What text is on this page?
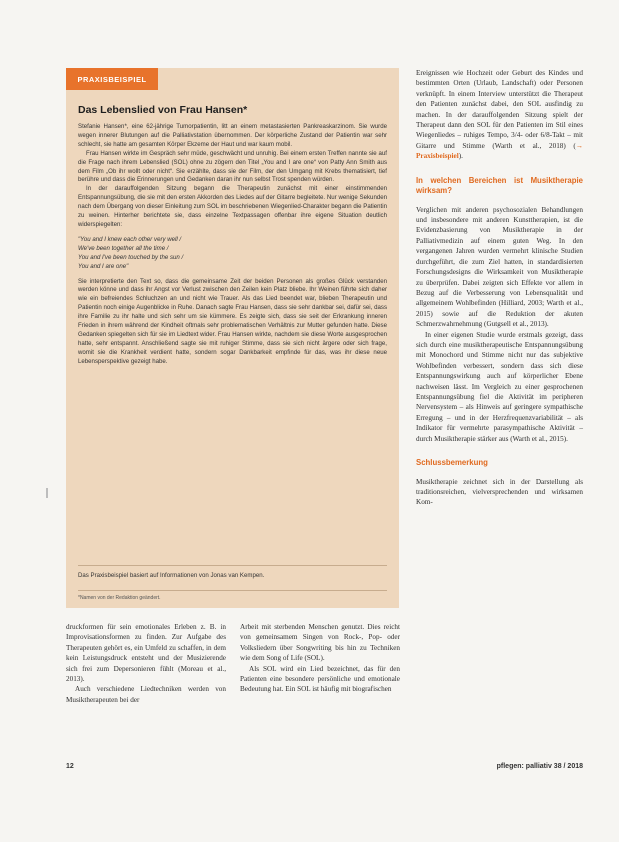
PRAXISBEISPIEL
Das Lebenslied von Frau Hansen*

Stefanie Hansen*, eine 62-jährige Tumorpatientin, litt an einem metastasierten Pankreaskarzinom. Sie wurde wegen innerer Blutungen auf die Palliativstation übernommen. Der körperliche Zustand der Patientin war sehr schlecht, sie hatte am gesamten Körper Ekzeme der Haut und war kaum mobil.

Frau Hansen wirkte im Gespräch sehr müde, geschwächt und unruhig. Bei einem ersten Treffen nannte sie auf die Frage nach ihrem Lebenslied (SOL) ohne zu zögern den Titel „You and I are one“ von Patty Ann Smith aus dem Film „Ob ihr wollt oder nicht“. Sie erzählte, dass sie der Film, der den Umgang mit Krebs thematisiert, tief berühre und dass die Erinnerungen und Gedanken daran ihr nun selbst Trost spenden würden.

In der darauffolgenden Sitzung begann die Therapeutin zunächst mit einer einstimmenden Entspannungsübung, die sie mit den ersten Akkorden des Liedes auf der Gitarre begleitete. Nur wenige Sekunden nach dem Übergang von dieser Einleitung zum SOL im beschriebenen Wiegenlied-Charakter begann die Patientin zu weinen. Hinterher berichtete sie, dass einzelne Textpassagen offenbar ihre eigene Situation deutlich widerspiegelten:

"You and I knew each other very well /
We've been together all the time /
You and I've been touched by the sun /
You and I are one"

Sie interpretierte den Text so, dass die gemeinsame Zeit der beiden Personen als großes Glück verstanden werden könne und dass ihr Angst vor Verlust zwischen den Zeilen kein Platz bliebe. Ihr Weinen führte sich daher wie ein befreiendes Schluchzen an und nicht wie Trauer. Als das Lied beendet war, blieben Therapeutin und Patientin noch einige Augenblicke in Ruhe. Danach sagte Frau Hansen, dass sie sehr dankbar sei, dafür sei, dass ihre Familie zu ihr halte und sich sehr um sie kümmere. Es zeigte sich, dass sie seit der Erkrankung inneren Frieden in ihrem während der Kindheit oftmals sehr problematischen Verhältnis zur Mutter gefunden hatte. Diese Gedanken spiegelten sich für sie im Liedtext wider. Frau Hansen wirkte, nachdem sie diese Worte ausgesprochen hatte, sehr entspannt. Anschließend sagte sie mit ruhiger Stimme, dass sie sich nicht ärgere oder sich frage, womit sie die Krankheit verdient hatte, sondern sogar Dankbarkeit empfinde für das, was ihr diese neue Lebensperspektive gezeigt habe.

Das Praxisbeispiel basiert auf Informationen von Jonas van Kempen.
*Namen von der Redaktion geändert.

druckformen für sein emotionales Erleben z. B. in Improvisationsformen zu finden. Zur Aufgabe des Therapeuten gehört es, ein Umfeld zu schaffen, in dem kein Leistungsdruck entsteht und der Musizierende sich frei zum Depersonieren fühlt (Moreau et al., 2013).

Auch verschiedene Liedtechniken werden von Musiktherapeuten bei der

Arbeit mit sterbenden Menschen genutzt. Dies reicht von gemeinsamem Singen von Rock-, Pop- oder Volksliedern über Songwriting bis hin zu Techniken wie dem Song of Life (SOL).

Als SOL wird ein Lied bezeichnet, das für den Patienten eine besondere persönliche und emotionale Bedeutung hat. Ein SOL ist häufig mit biografischen

Ereignissen wie Hochzeit oder Geburt des Kindes und bestimmten Orten (Urlaub, Landschaft) oder Personen verknüpft. In einem Interview unterstützt die Therapeut den Patienten zunächst dabei, den SOL ausfindig zu machen. In der darauffolgenden Sitzung spielt der Therapeut dann den SOL für den Patienten im Stil eines Wiegenliedes – ruhiges Tempo, 3/4- oder 6/8-Takt – mit Gitarre und Stimme (Warth et al., 2018) (→ Praxisbeispiel).

In welchen Bereichen ist Musiktherapie wirksam?

Verglichen mit anderen psychosozialen Behandlungen und insbesondere mit anderen Kunsttherapien, ist die Evidenzbasierung von Musiktherapie in der Palliativmedizin auf einem guten Weg. In den vergangenen Jahren wurden vermehrt klinische Studien durchgeführt, die zum Ziel hatten, in standardisierten Forschungsdesigns die Wirksamkeit von Musiktherapie zu überprüfen. Dabei zeigten sich Effekte vor allem in Bezug auf die Verbesserung von Lebensqualität und allgemeinem Wohlbefinden (Hilliard, 2003; Warth et al., 2015) sowie auf die Reduktion der akuten Schmerzwahrnehmung (Gutgsell et al., 2013).

In einer eigenen Studie wurde erstmals gezeigt, dass sich durch eine musiktherapeutische Entspannungsübung mit Monochord und Stimme nicht nur das subjektive Wohlbefinden verbessert, sondern dass sich diese Entspannungswirkung auch auf körperlicher Ebene nachweisen lässt. Im Vergleich zu einer gesprochenen Entspannungsübung fiel die Aktivität im peripheren Nervensystem – als Hinweis auf geringere sympathische Erregung – und in der Herzfrequenzvariabilität – als Indikator für vermehrte parasympathische Aktivität – durch Musiktherapie stärker aus (Warth et al., 2015).

Schlussbemerkung

Musiktherapie zeichnet sich in der Darstellung als traditionsreichen, vielversprechenden und wirksamen Kom-

12	pflegen: palliativ 38 / 2018
